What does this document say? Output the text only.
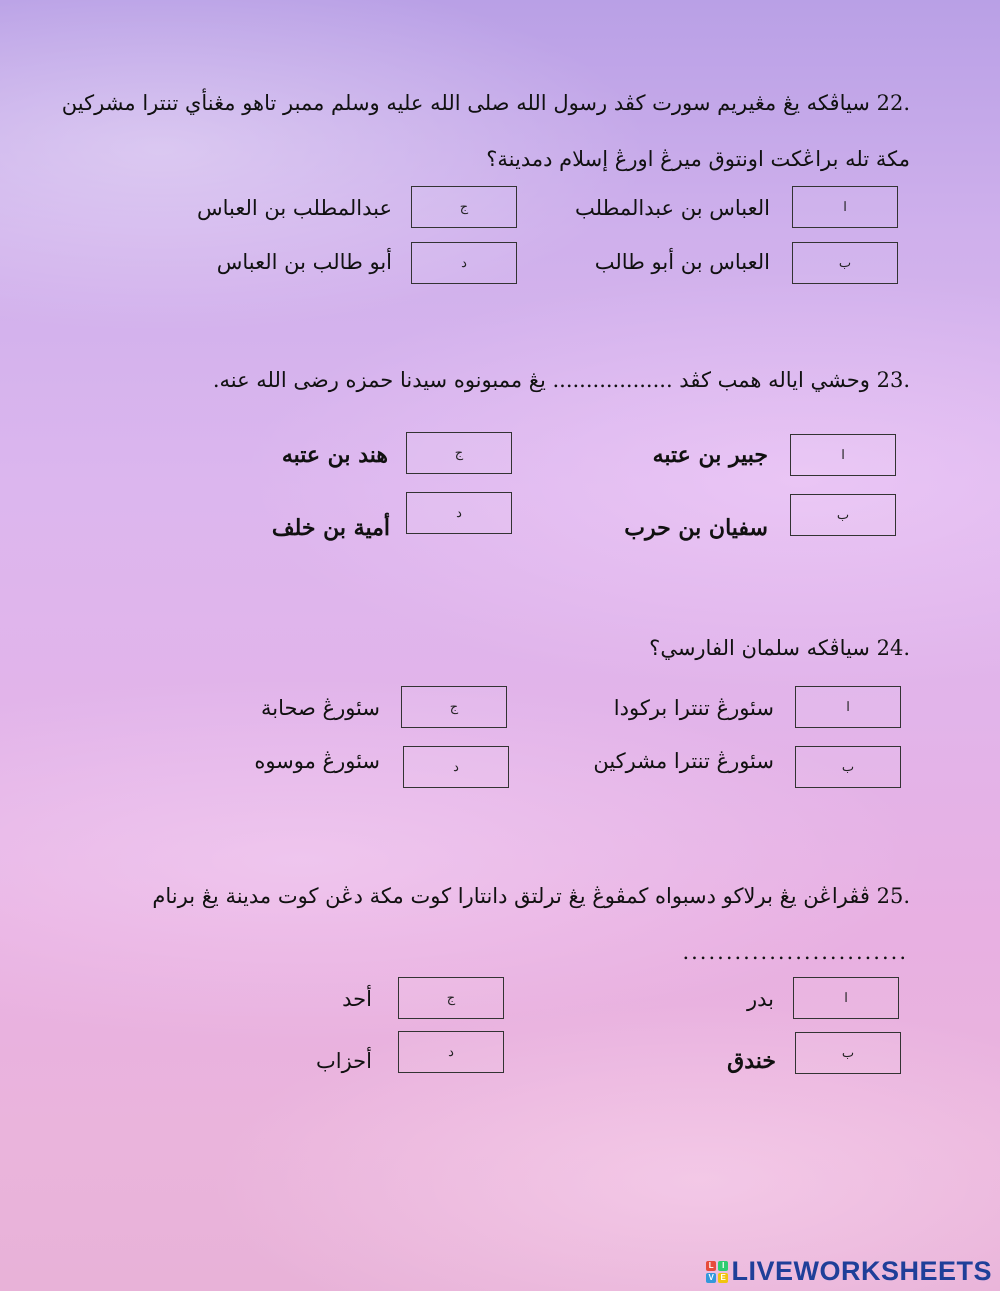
22. سياڤكه يڠ مڠيريم سورت كڤد رسول الله صلى الله عليه وسلم ممبر تاهو مڠنأي تنترا مشركين مكة تله براڠكت اونتوق ميرڠ اورڠ إسلام دمدينة؟
ا
العباس بن عبدالمطلب
ب
العباس بن أبو طالب
ج
عبدالمطلب بن العباس
د
أبو طالب بن العباس
23. وحشي اياله همب كڤد .................. يڠ ممبونوه سيدنا حمزه رضى الله عنه.
ا
جبير بن عتبه
ب
سفيان بن حرب
ج
هند بن عتبه
د
أمية بن خلف
24. سياڤكه سلمان الفارسي؟
ا
سئورڠ تنترا بركودا
ب
سئورڠ تنترا مشركين
ج
سئورڠ صحابة
د
سئورڠ موسوه
25. ڤڤراڠن يڠ برلاكو دسبواه كمڤوڠ يڠ ترلتق دانتارا كوت مكة دڠن كوت مدينة يڠ برنام
..........................
ا
بدر
ب
خندق
ج
أحد
د
أحزاب
L I
V E LIVEWORKSHEETS
